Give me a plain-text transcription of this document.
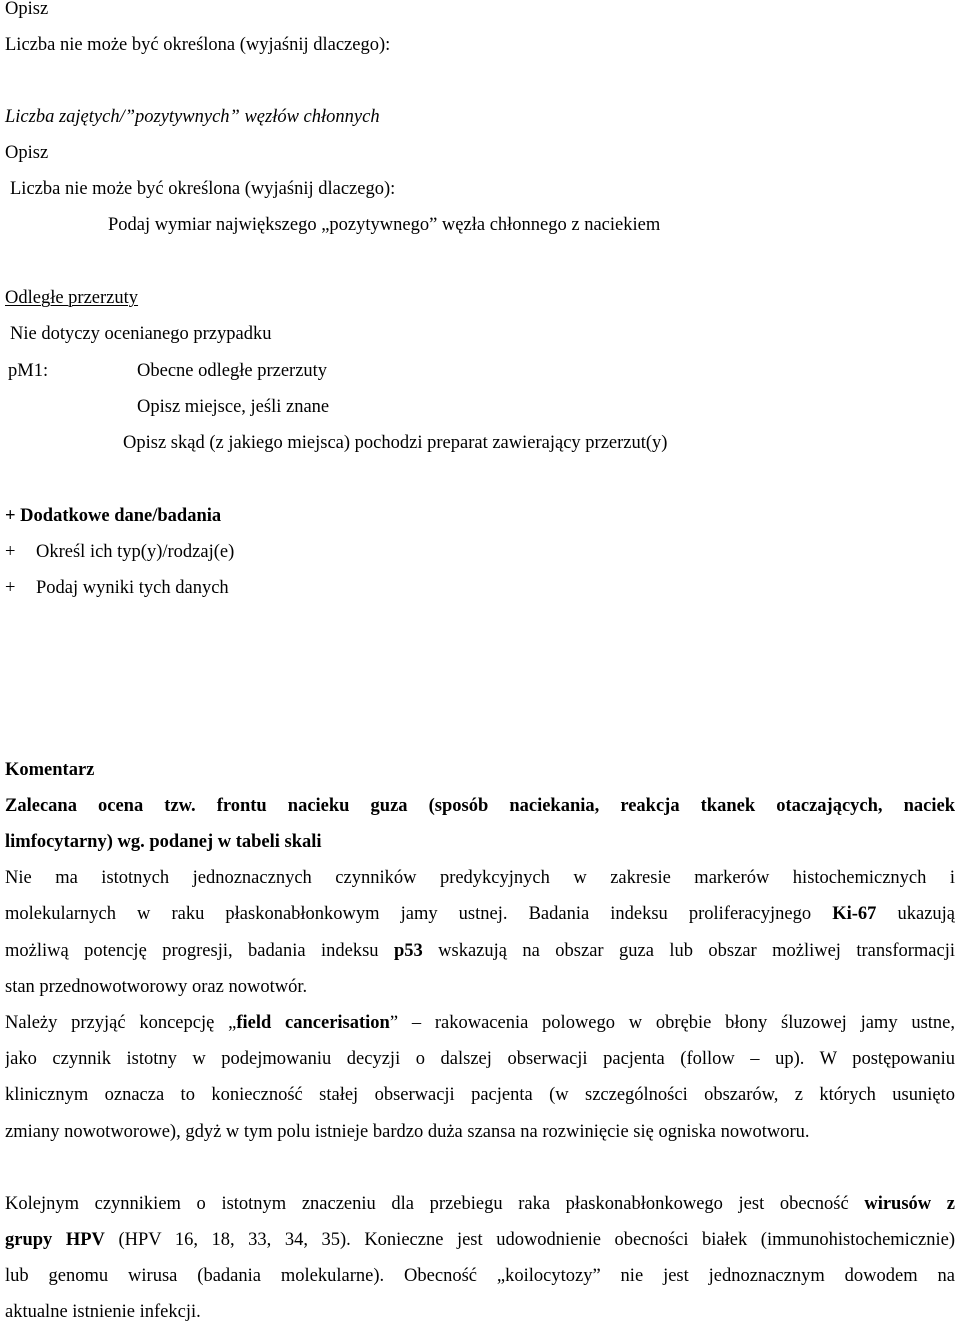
Opisz
Liczba nie może być określona (wyjaśnij dlaczego):
Liczba zajętych/”pozytywnych” węzłów chłonnych
Opisz
Liczba nie może być określona (wyjaśnij dlaczego):
Podaj wymiar największego „pozytywnego” węzła chłonnego z naciekiem
Odległe przerzuty
Nie dotyczy ocenianego przypadku
pM1:	Obecne odległe przerzuty
Opisz miejsce, jeśli znane
Opisz skąd (z jakiego miejsca) pochodzi preparat zawierający przerzut(y)
+ Dodatkowe dane/badania
+ Określ ich typ(y)/rodzaj(e)
+ Podaj wyniki tych danych
Komentarz
Zalecana ocena tzw. frontu nacieku guza (sposób naciekania, reakcja tkanek otaczających, naciek
limfocytarny) wg. podanej w tabeli skali
Nie ma istotnych jednoznacznych czynników predykcyjnych w zakresie markerów histochemicznych i
molekularnych w raku płaskonabłonkowym jamy ustnej. Badania indeksu proliferacyjnego Ki-67 ukazują
możliwą potencję progresji, badania indeksu p53 wskazują na obszar guza lub obszar możliwej transformacji
stan przednowotworowy oraz nowotwór.
Należy przyjąć koncepcję „field cancerisation” – rakowacenia polowego w obrębie błony śluzowej jamy ustne,
jako czynnik istotny w podejmowaniu decyzji o dalszej obserwacji pacjenta (follow – up). W postępowaniu
klinicznym oznacza to konieczność stałej obserwacji pacjenta (w szczególności obszarów, z których usunięto
zmiany nowotworowe), gdyż w tym polu istnieje bardzo duża szansa na rozwinięcie się ogniska nowotworu.
Kolejnym czynnikiem o istotnym znaczeniu dla przebiegu raka płaskonabłonkowego jest obecność wirusów z
grupy HPV (HPV 16, 18, 33, 34, 35). Konieczne jest udowodnienie obecności białek (immunohistochemicznie)
lub genomu wirusa (badania molekularne). Obecność „koilocytozy” nie jest jednoznacznym dowodem na
aktualne istnienie infekcji.
